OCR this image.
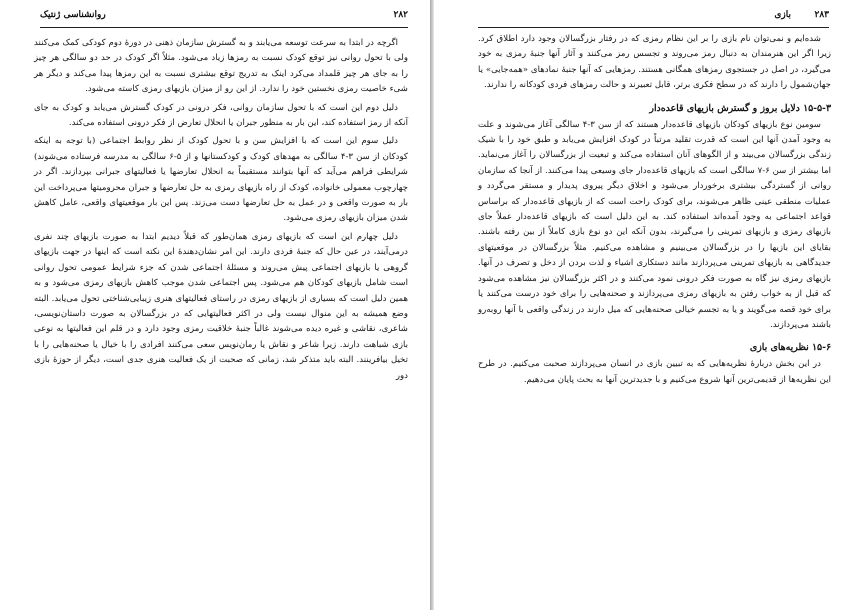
۲۸۲
روانشناسی ژنتیک

اگرچه در ابتدا به سرعت توسعه می‌یابند و به گسترش سازمان ذهنی در دورهٔ دوم کودکی کمک می‌کنند ولی با تحول روانی نیز توقع کودک نسبت به رمزها زیاد می‌شود. مثلاً اگر کودک در حد دو سالگی هر چیز را به جای هر چیز قلمداد می‌کرد اینک به تدریج توقع بیشتری نسبت به این رمزها پیدا می‌کند و دیگر هر شیء خاصیت رمزی نخستین خود را ندارد. از این رو از میزان بازیهای رمزی کاسته می‌شود.

دلیل دوم این است که با تحول سازمان روانی، فکر درونی در کودک گسترش می‌یابد و کودک به جای آنکه از رمز استفاده کند، این بار به منظور جبران یا انحلال تعارض از فکر درونی استفاده می‌کند.

دلیل سوم این است که با افزایش سن و با تحول کودک از نظر روابط اجتماعی (با توجه به اینکه کودکان از سن ۳-۴ سالگی به مهدهای کودک و کودکستانها و از ۵-۶ سالگی به مدرسه فرستاده می‌شوند) شرایطی فراهم می‌آید که آنها بتوانند مستقیماً به انحلال تعارضها یا فعالیتهای جبرانی بپردازند. اگر در چهارچوب معمولی خانواده، کودک از راه بازیهای رمزی به حل تعارضها و جبران محرومیتها می‌پرداخت این بار به صورت واقعی و در عمل به حل تعارضها دست می‌زند. پس این بار موقعیتهای واقعی، عامل کاهش شدن میزان بازیهای رمزی می‌شود.

دلیل چهارم این است که بازیهای رمزی همان‌طور که قبلاً دیدیم ابتدا به صورت بازیهای چند نفری درمی‌آیند، در عین حال که جنبهٔ فردی دارند. این امر نشان‌دهندهٔ این نکته است که اینها در جهت بازیهای گروهی یا بازیهای اجتماعی پیش می‌روند و مسئلهٔ اجتماعی شدن که جزء شرایط عمومی تحول روانی است شامل بازیهای کودکان هم می‌شود. پس اجتماعی شدن موجب کاهش بازیهای رمزی می‌شود و به همین دلیل است که بسیاری از بازیهای رمزی در راستای فعالیتهای هنری زیبایی‌شناختی تحول می‌یابد. البته وضع همیشه به این منوال نیست ولی در اکثر فعالیتهایی که در بزرگسالان به صورت داستان‌نویسی، شاعری، نقاشی و غیره دیده می‌شوند غالباً جنبهٔ خلاقیت رمزی وجود دارد و در قلم این فعالیتها به نوعی بازی شباهت دارند. زیرا شاعر و نقاش یا رمان‌نویس سعی می‌کنند افرادی را با خیال یا صحنه‌هایی را با تخیل بیافرینند. البته باید متذکر شد، زمانی که صحبت از یک فعالیت هنری جدی است، دیگر از حوزهٔ بازی دور

۲۸۳
بازی

شده‌ایم و نمی‌توان نام بازی را بر این نظام رمزی که در رفتار بزرگسالان وجود دارد اطلاق کرد. زیرا اگر این هنرمندان به دنبال رمز می‌روند و تجسس رمز می‌کنند و آثار آنها جنبهٔ رمزی به خود می‌گیرد، در اصل در جستجوی رمزهای همگانی هستند. رمزهایی که آنها جنبهٔ نمادهای «همه‌جایی» یا جهان‌شمول را دارند که در سطح فکری برتر، قابل تعبیرند و حالت رمزهای فردی کودکانه را ندارند.

۱۵-۵-۳ دلایل بروز و گسترش بازیهای قاعده‌دار

سومین نوع بازیهای کودکان بازیهای قاعده‌دار هستند که از سن ۳-۴ سالگی آغاز می‌شوند و علت به وجود آمدن آنها این است که قدرت تقلید مرتباً در کودک افزایش می‌یابد و طبق خود را با شیک زندگی بزرگسالان می‌بیند و از الگوهای آنان استفاده می‌کند و تبعیت از بزرگسالان را آغاز می‌نماید. اما بیشتر از سن ۶-۷ سالگی است که بازیهای قاعده‌دار جای وسیعی پیدا می‌کنند. از آنجا که سازمان روانی از گستردگی بیشتری برخوردار می‌شود و اخلاق دیگر پیروی پدیدار و مستقر می‌گردد و عملیات منطقی عینی ظاهر می‌شوند، برای کودک راحت است که از بازیهای قاعده‌دار که براساس قواعد اجتماعی به وجود آمده‌اند استفاده کند. به این دلیل است که بازیهای قاعده‌دار عملاً جای بازیهای رمزی و بازیهای تمرینی را می‌گیرند، بدون آنکه این دو نوع بازی کاملاً از بین رفته باشند. بقایای این بازیها را در بزرگسالان می‌بینیم و مشاهده می‌کنیم. مثلاً بزرگسالان در موقعیتهای جدیدگاهی به بازیهای تمرینی می‌پردازند مانند دستکاری اشیاء و لذت بردن از دخل و تصرف در آنها. بازیهای رمزی نیز گاه به صورت فکر درونی نمود می‌کنند و در اکثر بزرگسالان نیز مشاهده می‌شود که قبل از به خواب رفتن به بازیهای رمزی می‌پردازند و صحنه‌هایی را برای خود درست می‌کنند یا برای خود قصه می‌گویند و یا به تجسم خیالی صحنه‌هایی که میل دارند در زندگی واقعی با آنها روبه‌رو باشند می‌پردازند.

۱۵-۶ نظریه‌های بازی

در این بخش دربارهٔ نظریه‌هایی که به تبیین بازی در انسان می‌پردازند صحبت می‌کنیم. در طرح این نظریه‌ها از قدیمی‌ترین آنها شروع می‌کنیم و با جدیدترین آنها به بحث پایان می‌دهیم.
